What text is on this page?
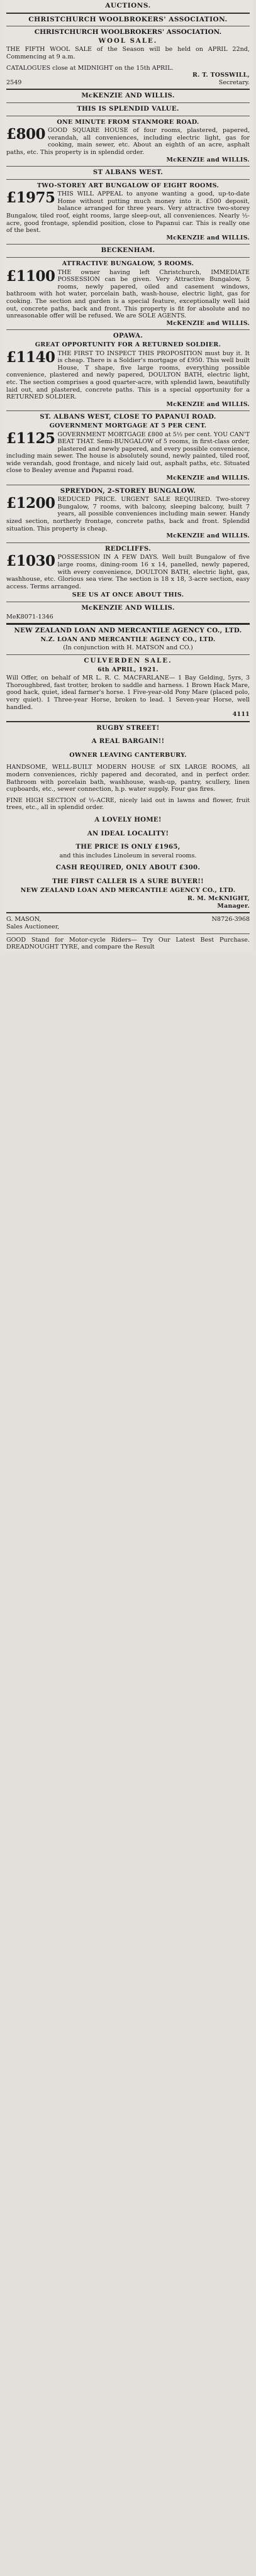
AUCTIONS.
CHRISTCHURCH WOOLBROKERS' ASSOCIATION.
CHRISTCHURCH WOOLBROKERS' ASSOCIATION.
WOOL SALE.
THE FIFTH WOOL SALE of the Season will be held on APRIL 22nd, Commencing at 9 a.m.
CATALOGUES close at MIDNIGHT on the 15th APRIL.
R. T. TOSSWILL,
2549	Secretary.
McKENZIE AND WILLIS.
THIS IS SPLENDID VALUE.
ONE MINUTE FROM STANMORE ROAD.
£800 GOOD SQUARE HOUSE of four rooms, plastered, papered, verandah, all conveniences, including electric light, gas for cooking, main sewer, etc. About an eighth of an acre, asphalt paths, etc. This property is in splendid order.
McKENZIE and WILLIS.
ST ALBANS WEST.
TWO-STOREY ART BUNGALOW OF EIGHT ROOMS.
£1975 THIS WILL APPEAL to anyone wanting a good, up-to-date Home without putting much money into it. £500 deposit, balance arranged for three years. Very attractive two-storey Bungalow, tiled roof, eight rooms, large sleep-out, all conveniences. Nearly ½-acre, good frontage, splendid position, close to Papanui car. This is really one of the best.
McKENZIE and WILLIS.
BECKENHAM.
ATTRACTIVE BUNGALOW, 5 ROOMS.
£1100 THE owner having left Christchurch, IMMEDIATE POSSESSION can be given. Very Attractive Bungalow, 5 rooms, newly papered, oiled and casement windows, bathroom with hot water, porcelain bath, wash-house, electric light, gas for cooking. The section and garden is a special feature, exceptionally well laid out, concrete paths, back and front. This property is fit for absolute and no unreasonable offer will be refused. We are SOLE AGENTS.
McKENZIE and WILLIS.
OPAWA.
GREAT OPPORTUNITY FOR A RETURNED SOLDIER.
£1140 THE FIRST TO INSPECT THIS PROPOSITION must buy it. It is cheap. There is a Soldier's mortgage of £950. This well built House, T shape, five large rooms, everything possible convenience, plastered and newly papered, DOULTON BATH, electric light, etc. The section comprises a good quarter-acre, with splendid lawn, beautifully laid out, and plastered, concrete paths. This is a special opportunity for a RETURNED SOLDIER.
McKENZIE and WILLIS.
ST. ALBANS WEST, CLOSE TO PAPANUI ROAD.
GOVERNMENT MORTGAGE AT 5 PER CENT.
£1125 GOVERNMENT MORTGAGE £800 at 5½ per cent. YOU CAN'T BEAT THAT. Semi-BUNGALOW of 5 rooms, in first-class order, plastered and newly papered, and every possible convenience, including main sewer. The house is absolutely sound, newly painted, tiled roof, wide verandah, good frontage, and nicely laid out, asphalt paths, etc. Situated close to Bealey avenue and Papanui road.
McKENZIE and WILLIS.
SPREYDON, 2-STOREY BUNGALOW.
£1200 REDUCED PRICE. URGENT SALE REQUIRED. Two-storey Bungalow, 7 rooms, with balcony, sleeping balcony, built 7 years, all possible conveniences including main sewer. Handy sized section, northerly frontage, concrete paths, back and front. Splendid situation. This property is cheap.
McKENZIE and WILLIS.
REDCLIFFS.
£1030 POSSESSION IN A FEW DAYS. Well built Bungalow of five large rooms, dining-room 16 x 14, panelled, newly papered, with every convenience, DOULTON BATH, electric light, gas, washhouse, etc. Glorious sea view. The section is 18 x 18, 3-acre section, easy access. Terms arranged.
SEE US AT ONCE ABOUT THIS.
McKENZIE AND WILLIS.
MeK8071-1346
NEW ZEALAND LOAN AND MERCANTILE AGENCY CO., LTD.
N.Z. LOAN AND MERCANTILE AGENCY CO., LTD.
(In conjunction with H. MATSON and CO.)
CULVERDEN SALE.
6th APRIL, 1921.
Will Offer, on behalf of MR L. R. C. MACFARLANE— 1 Bay Gelding, 5yrs, 3 Thoroughbred, fast trotter, broken to saddle and harness. 1 Brown Hack Mare, good hack, quiet, ideal farmer's horse. 1 Five-year-old Pony Mare (placed polo, very quiet). 1 Three-year Horse, broken to lead. 1 Seven-year Horse, well handled.
4111
RUGBY STREET!
A REAL BARGAIN!!
OWNER LEAVING CANTERBURY.
HANDSOME, WELL-BUILT MODERN HOUSE of SIX LARGE ROOMS, all modern conveniences, richly papered and decorated, and in perfect order. Bathroom with porcelain bath, washhouse, wash-up, pantry, scullery, linen cupboards, etc., sewer connection, h.p. water supply. Four gas fires.
FINE HIGH SECTION of ⅓-ACRE, nicely laid out in lawns and flower, fruit trees, etc., all in splendid order.
A LOVELY HOME!
AN IDEAL LOCALITY!
THE PRICE IS ONLY £1965,
and this includes Linoleum in several rooms.
CASH REQUIRED, ONLY ABOUT £300.
THE FIRST CALLER IS A SURE BUYER!!
NEW ZEALAND LOAN AND MERCANTILE AGENCY CO., LTD.
R. M. McKNIGHT,
Manager.
G. MASON,	N8726-3968
Sales Auctioneer,
GOOD Stand for Motor-cycle Riders— Try Our Latest Best Purchase. DREADNOUGHT TYRE, and compare the Result
